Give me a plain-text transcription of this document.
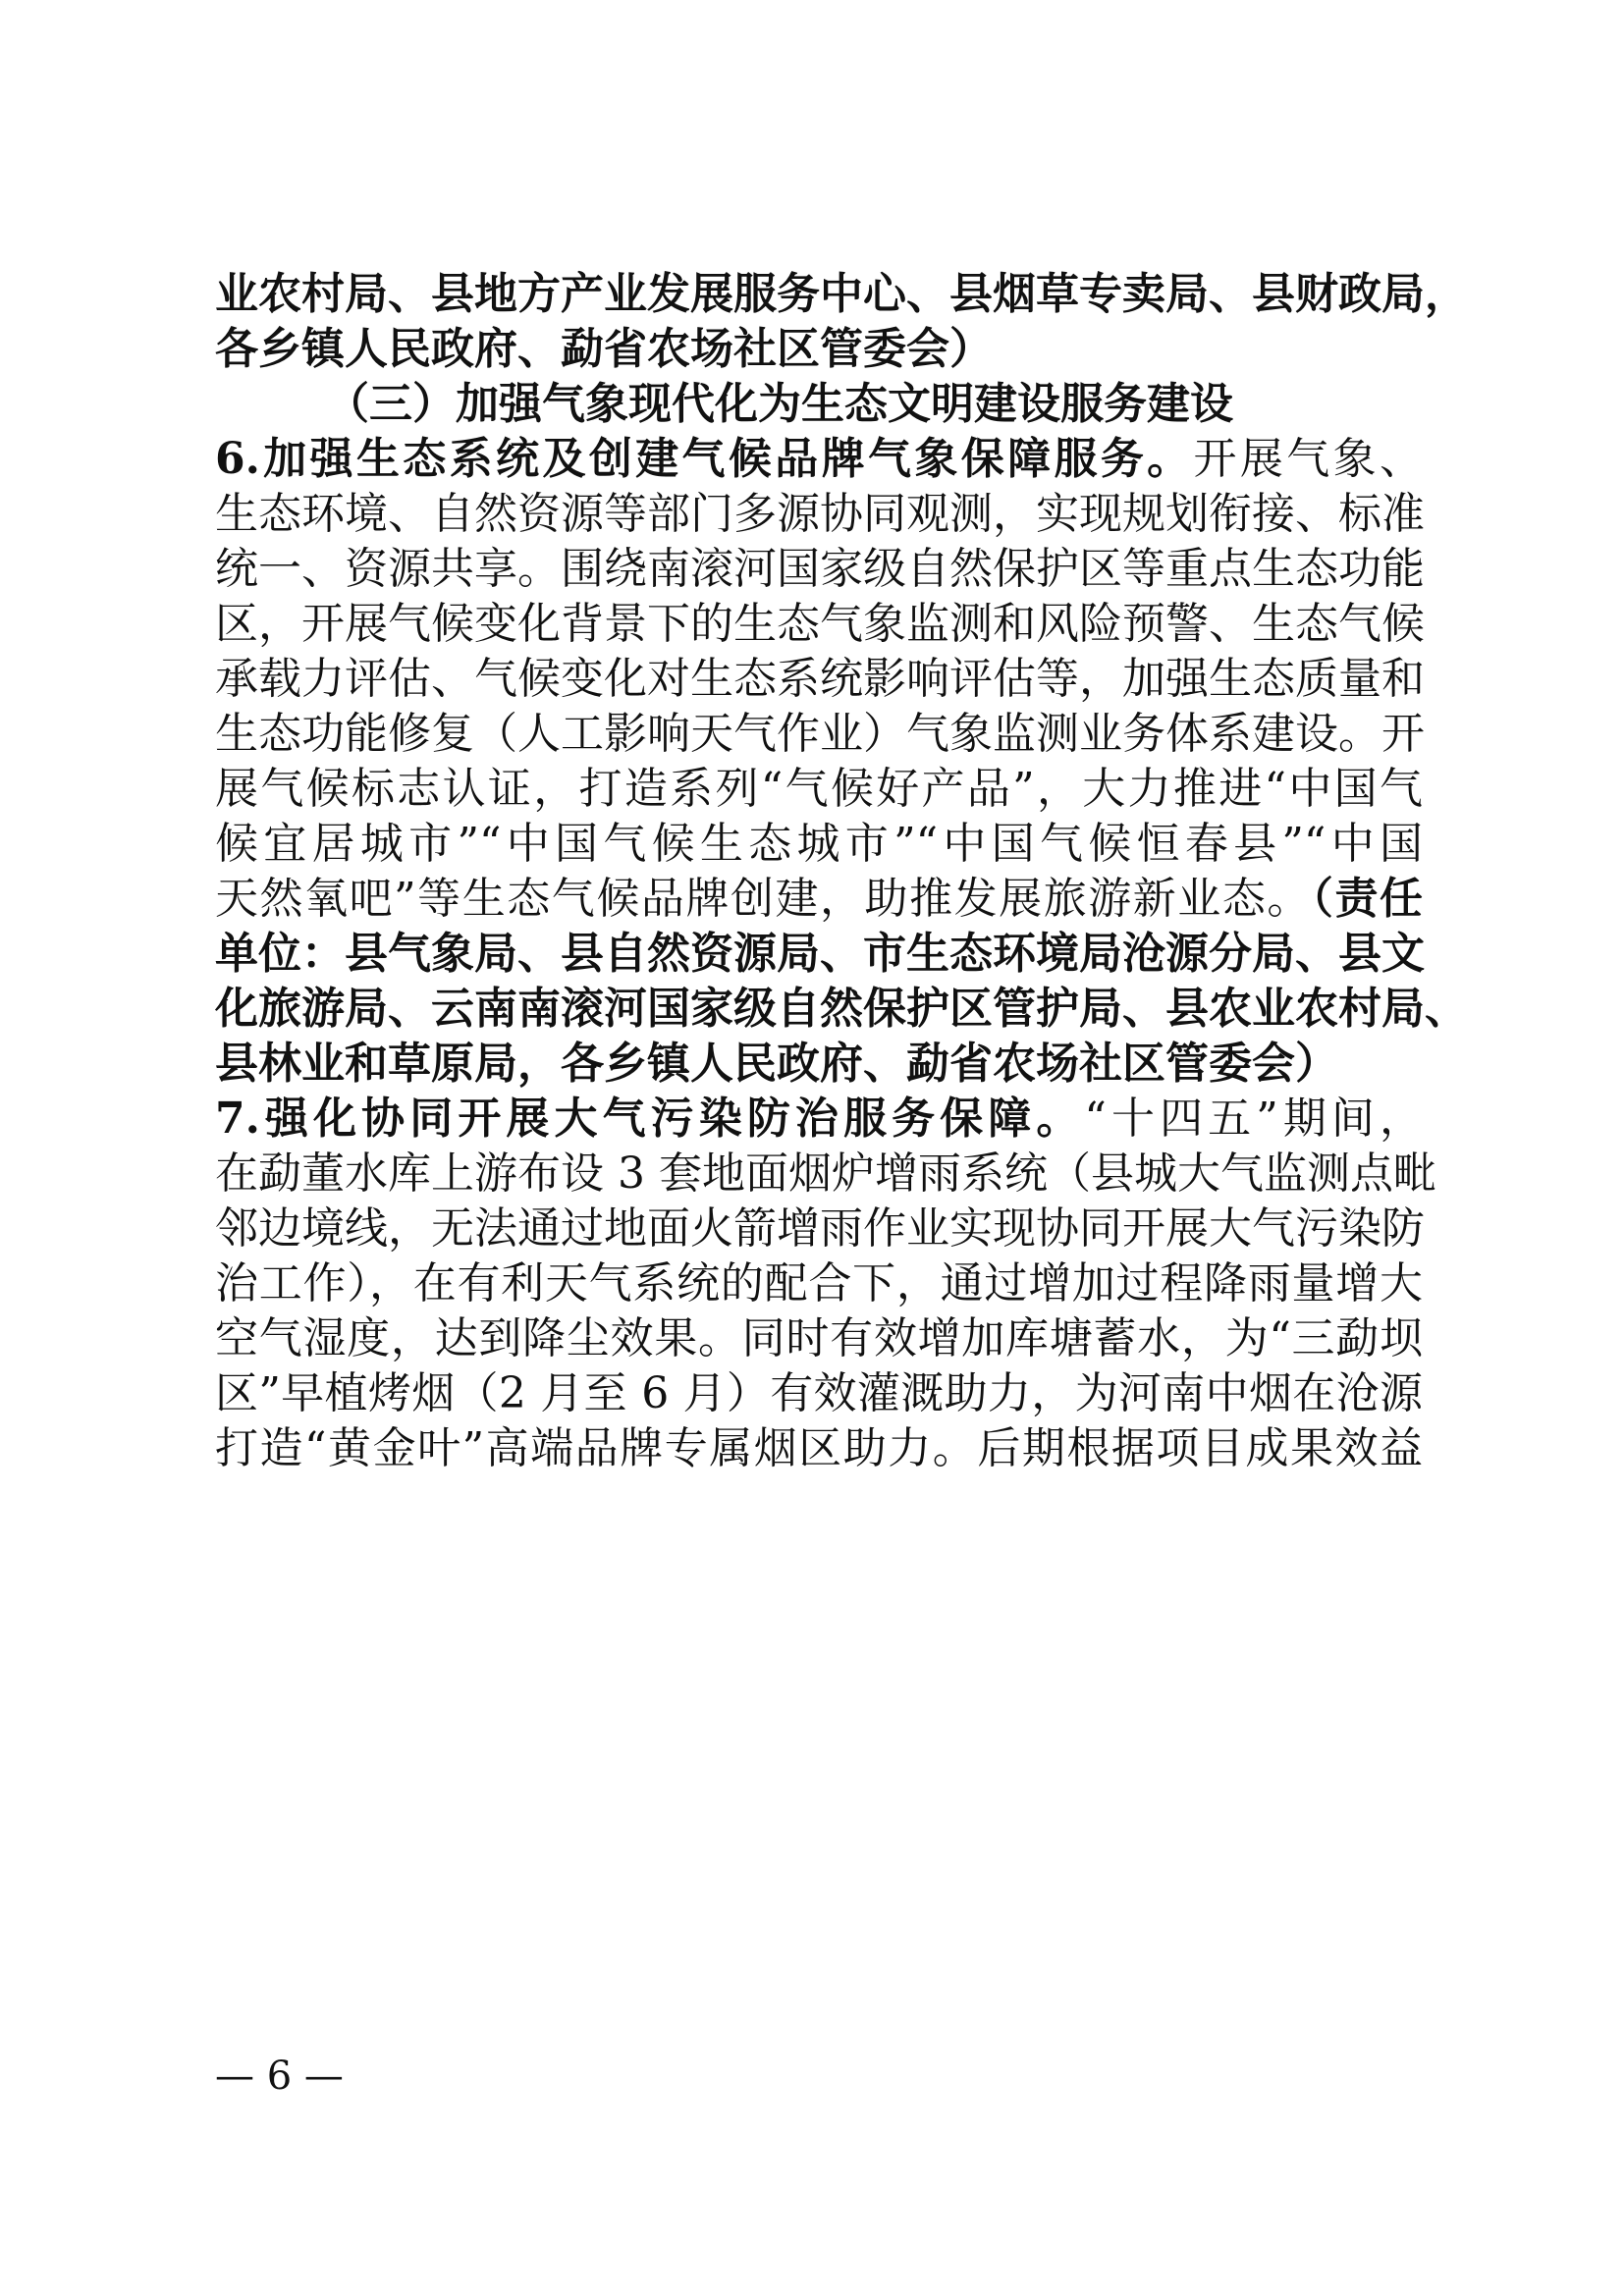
业农村局、县地方产业发展服务中心、县烟草专卖局、县财政局，
各乡镇人民政府、勐省农场社区管委会）
（三）加强气象现代化为生态文明建设服务建设
6.加强生态系统及创建气候品牌气象保障服务。开展气象、
生态环境、自然资源等部门多源协同观测，实现规划衔接、标准
统一、资源共享。围绕南滚河国家级自然保护区等重点生态功能
区，开展气候变化背景下的生态气象监测和风险预警、生态气候
承载力评估、气候变化对生态系统影响评估等，加强生态质量和
生态功能修复（人工影响天气作业）气象监测业务体系建设。开
展气候标志认证，打造系列“气候好产品”，大力推进“中国气
候宜居城市”“中国气候生态城市”“中国气候恒春县”“中国
天然氧吧”等生态气候品牌创建，助推发展旅游新业态。（责任
单位：县气象局、县自然资源局、市生态环境局沧源分局、县文
化旅游局、云南南滚河国家级自然保护区管护局、县农业农村局、
县林业和草原局，各乡镇人民政府、勐省农场社区管委会）
7.强化协同开展大气污染防治服务保障。“十四五”期间，
在勐董水库上游布设 3 套地面烟炉增雨系统（县城大气监测点毗
邻边境线，无法通过地面火箭增雨作业实现协同开展大气污染防
治工作），在有利天气系统的配合下，通过增加过程降雨量增大
空气湿度，达到降尘效果。同时有效增加库塘蓄水，为“三勐坝
区”早植烤烟（2 月至 6 月）有效灌溉助力，为河南中烟在沧源
打造“黄金叶”高端品牌专属烟区助力。后期根据项目成果效益
— 6 —
